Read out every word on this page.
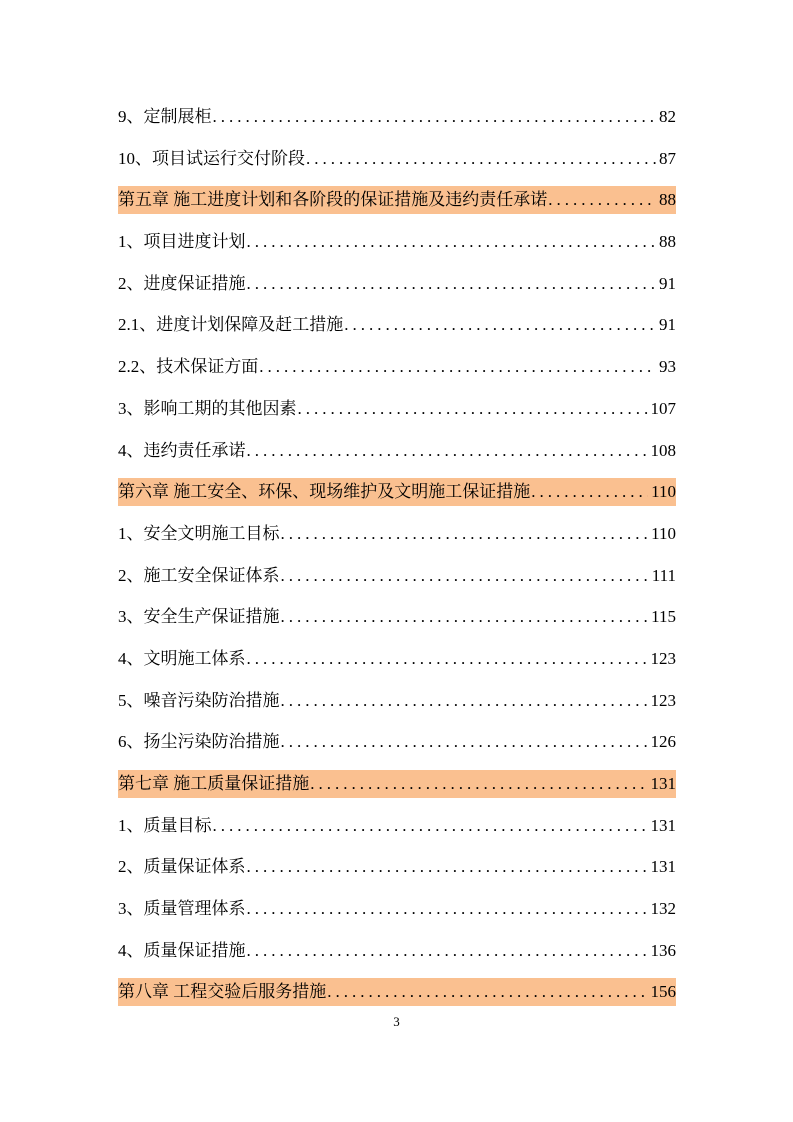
9、定制展柜 .....	82
10、项目试运行交付阶段 .....	87
第五章 施工进度计划和各阶段的保证措施及违约责任承诺 .....	88
1、项目进度计划 .....	88
2、进度保证措施 .....	91
2.1、进度计划保障及赶工措施 .....	91
2.2、技术保证方面 .....	93
3、影响工期的其他因素 .....	107
4、违约责任承诺 .....	108
第六章 施工安全、环保、现场维护及文明施工保证措施 .....	110
1、安全文明施工目标 .....	110
2、施工安全保证体系 .....	111
3、安全生产保证措施 .....	115
4、文明施工体系 .....	123
5、噪音污染防治措施 .....	123
6、扬尘污染防治措施 .....	126
第七章 施工质量保证措施 .....	131
1、质量目标 .....	131
2、质量保证体系 .....	131
3、质量管理体系 .....	132
4、质量保证措施 .....	136
第八章 工程交验后服务措施 .....	156
3
